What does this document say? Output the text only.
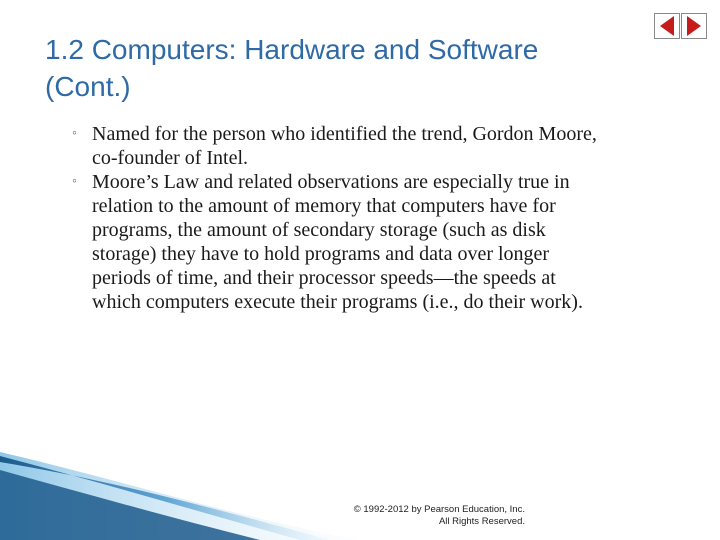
1.2 Computers: Hardware and Software
(Cont.)
◦ Named for the person who identified the trend, Gordon Moore,
co-founder of Intel.
◦ Moore’s Law and related observations are especially true in
relation to the amount of memory that computers have for
programs, the amount of secondary storage (such as disk
storage) they have to hold programs and data over longer
periods of time, and their processor speeds—the speeds at
which computers execute their programs (i.e., do their work).
© 1992-2012 by Pearson Education, Inc.
All Rights Reserved.
